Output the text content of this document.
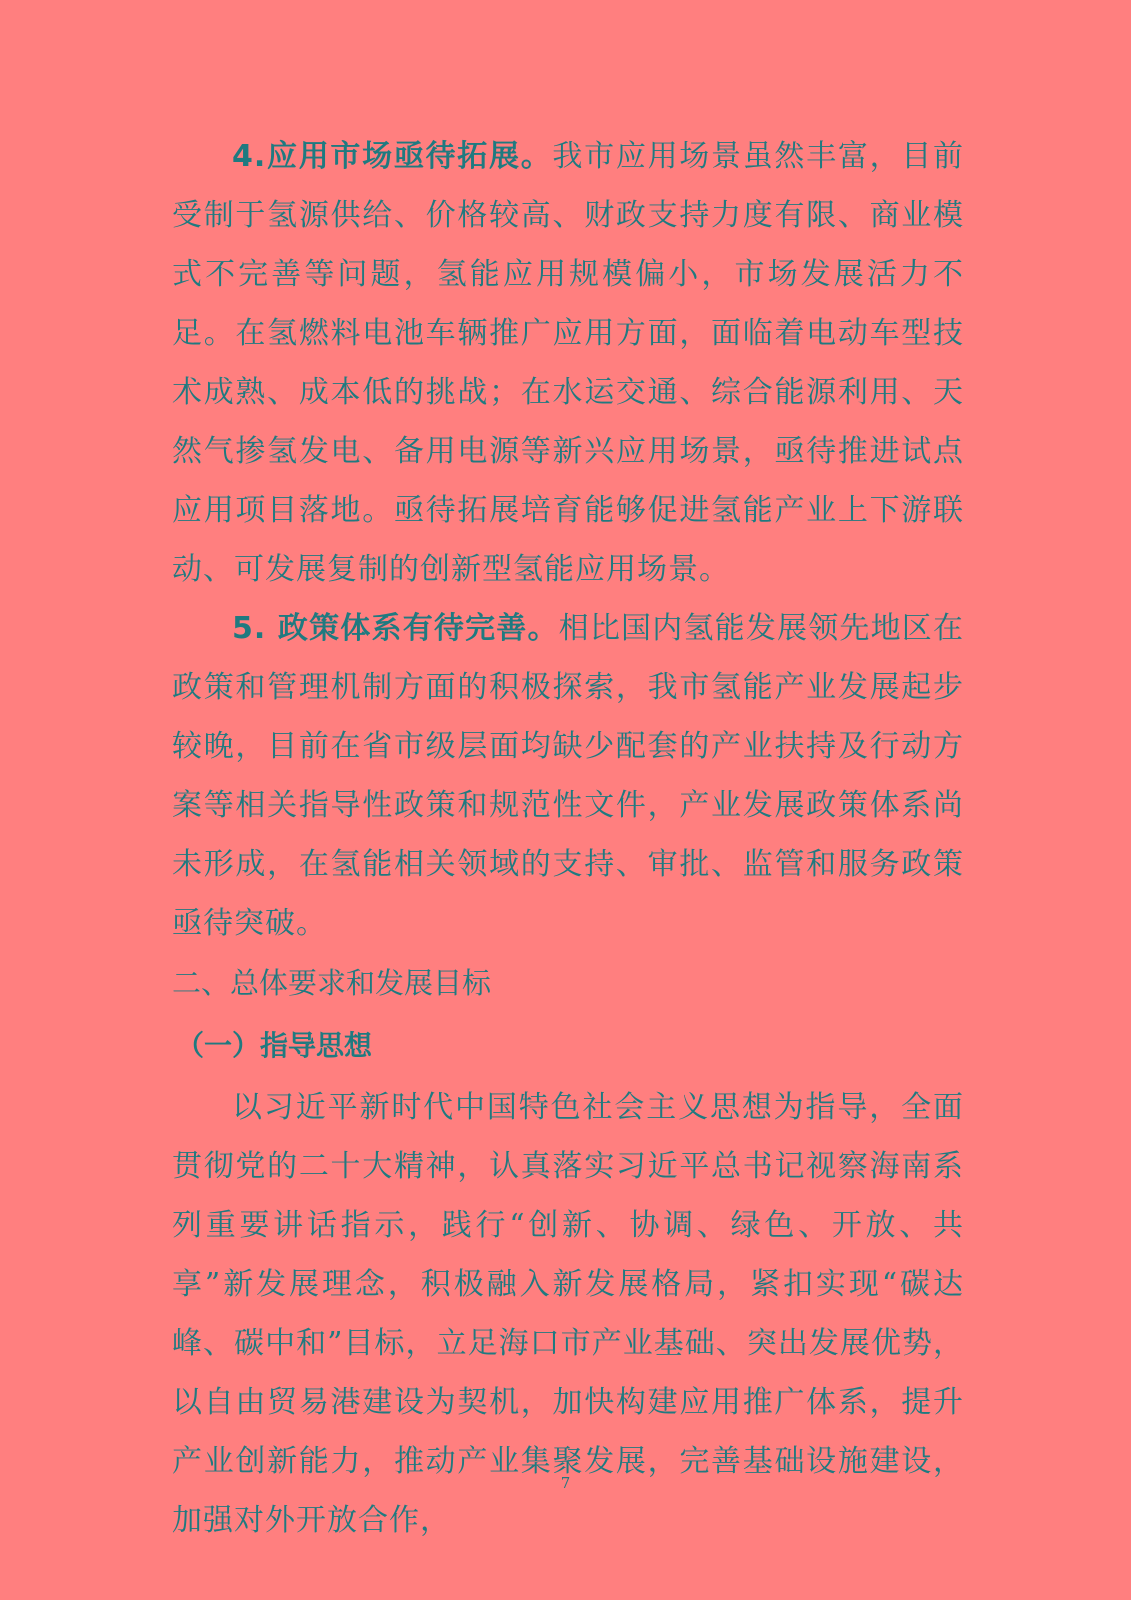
4.应用市场亟待拓展。我市应用场景虽然丰富，目前受制于氢源供给、价格较高、财政支持力度有限、商业模式不完善等问题，氢能应用规模偏小，市场发展活力不足。在氢燃料电池车辆推广应用方面，面临着电动车型技术成熟、成本低的挑战；在水运交通、综合能源利用、天然气掺氢发电、备用电源等新兴应用场景，亟待推进试点应用项目落地。亟待拓展培育能够促进氢能产业上下游联动、可发展复制的创新型氢能应用场景。

5. 政策体系有待完善。相比国内氢能发展领先地区在政策和管理机制方面的积极探索，我市氢能产业发展起步较晚，目前在省市级层面均缺少配套的产业扶持及行动方案等相关指导性政策和规范性文件，产业发展政策体系尚未形成，在氢能相关领域的支持、审批、监管和服务政策亟待突破。

二、总体要求和发展目标
（一）指导思想

以习近平新时代中国特色社会主义思想为指导，全面贯彻党的二十大精神，认真落实习近平总书记视察海南系列重要讲话指示，践行“创新、协调、绿色、开放、共享”新发展理念，积极融入新发展格局，紧扣实现“碳达峰、碳中和”目标，立足海口市产业基础、突出发展优势，以自由贸易港建设为契机，加快构建应用推广体系，提升产业创新能力，推动产业集聚发展，完善基础设施建设，加强对外开放合作，

7
